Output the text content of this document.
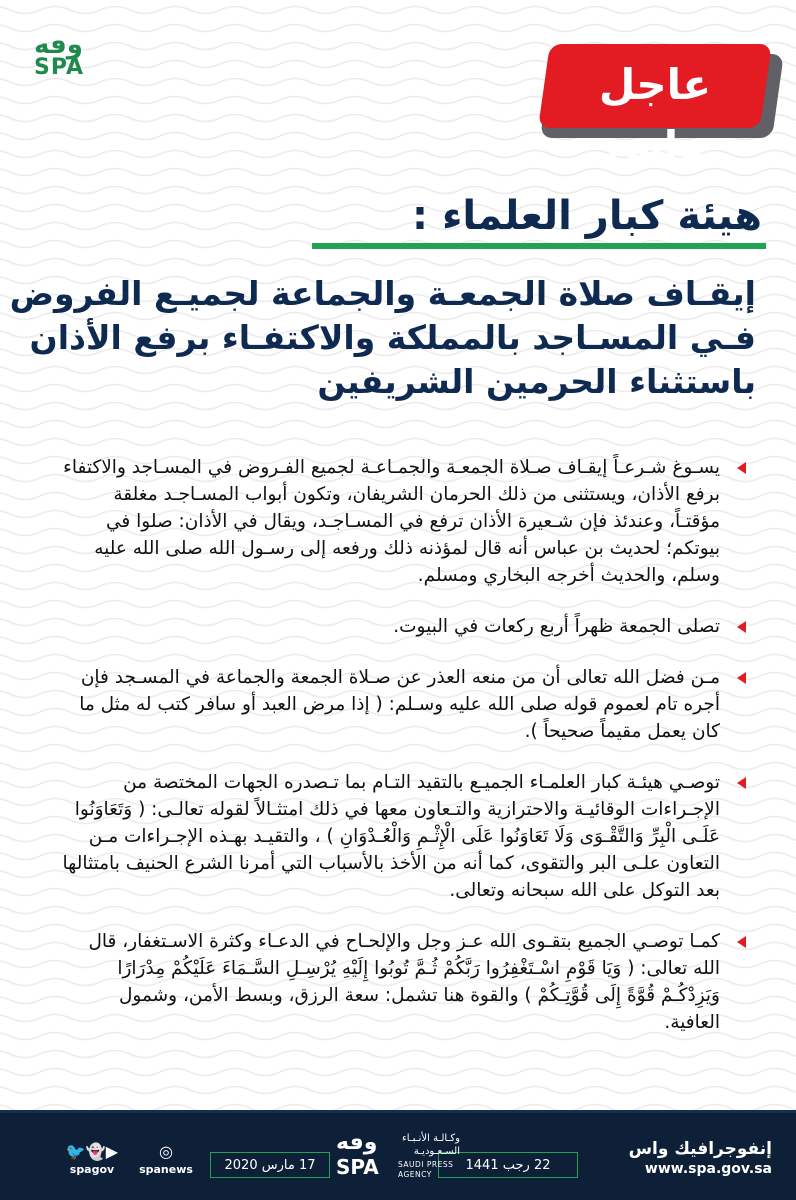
وٯه
SPA	عاجل واس
هيئة كبار العلماء :
إيقـاف صلاة الجمعـة والجماعة لجميـع الفروض
فـي المسـاجد بالمملكة والاكتفـاء برفع الأذان
باستثناء الحرمين الشريفين
يسـوغ شـرعـاً إيقـاف صـلاة الجمعـة والجمـاعـة لجميع الفـروض في المسـاجد والاكتفاء برفع الأذان، ويستثنى من ذلك الحرمان الشريفان، وتكون أبواب المسـاجـد مغلقة مؤقتـاً، وعندئذ فإن شـعيرة الأذان ترفع في المسـاجـد، ويقال في الأذان: صلوا في بيوتكم؛ لحديث بن عباس أنه قال لمؤذنه ذلك ورفعه إلى رسـول الله صلى الله عليه وسلم، والحديث أخرجه البخاري ومسلم.
تصلى الجمعة ظهراً أربع ركعات في البيوت.
مـن فضل الله تعالى أن من منعه العذر عن صـلاة الجمعة والجماعة في المسـجد فإن أجره تام لعموم قوله صلى الله عليه وسـلم: ( إذا مرض العبد أو سافر كتب له مثل ما كان يعمل مقيماً صحيحاً ).
توصـي هيئـة كبار العلمـاء الجميـع بالتقيد التـام بما تـصدره الجهات المختصة من الإجـراءات الوقائيـة والاحترازية والتـعاون معها في ذلك امتثـالاً لقوله تعالـى: ( وَتَعَاوَنُوا عَلَـى الْبِرِّ وَالتَّقْـوَى وَلَا تَعَاوَنُوا عَلَى الْإِثْـمِ وَالْعُـدْوَانِ ) ، والتقيـد بهـذه الإجـراءات مـن التعاون علـى البر والتقوى، كما أنه من الأخذ بالأسباب التي أمرنا الشرع الحنيف بامتثالها بعد التوكل على الله سبحانه وتعالى.
كمـا توصـي الجميع بتقـوى الله عـز وجل والإلحـاح في الدعـاء وكثرة الاسـتغفار، قال الله تعالى: ( وَيَا قَوْمِ اسْـتَغْفِرُوا رَبَّكُمْ ثُـمَّ تُوبُوا إِلَيْهِ يُرْسِـلِ السَّـمَاءَ عَلَيْكُمْ مِدْرَارًا وَيَزِدْكُـمْ قُوَّةً إِلَى قُوَّتِـكُمْ ) والقوة هنا تشمل: سعة الرزق، وبسط الأمن، وشمول العافية.
إنفوجرافيك واس
www.spa.gov.sa
22 رجب 1441
وٯه
SPA
وكـالـة الأنـبـاء السـعـوديـة
SAUDI PRESS AGENCY
17 مارس 2020
◎
spanews
🐦👻▶
spagov
